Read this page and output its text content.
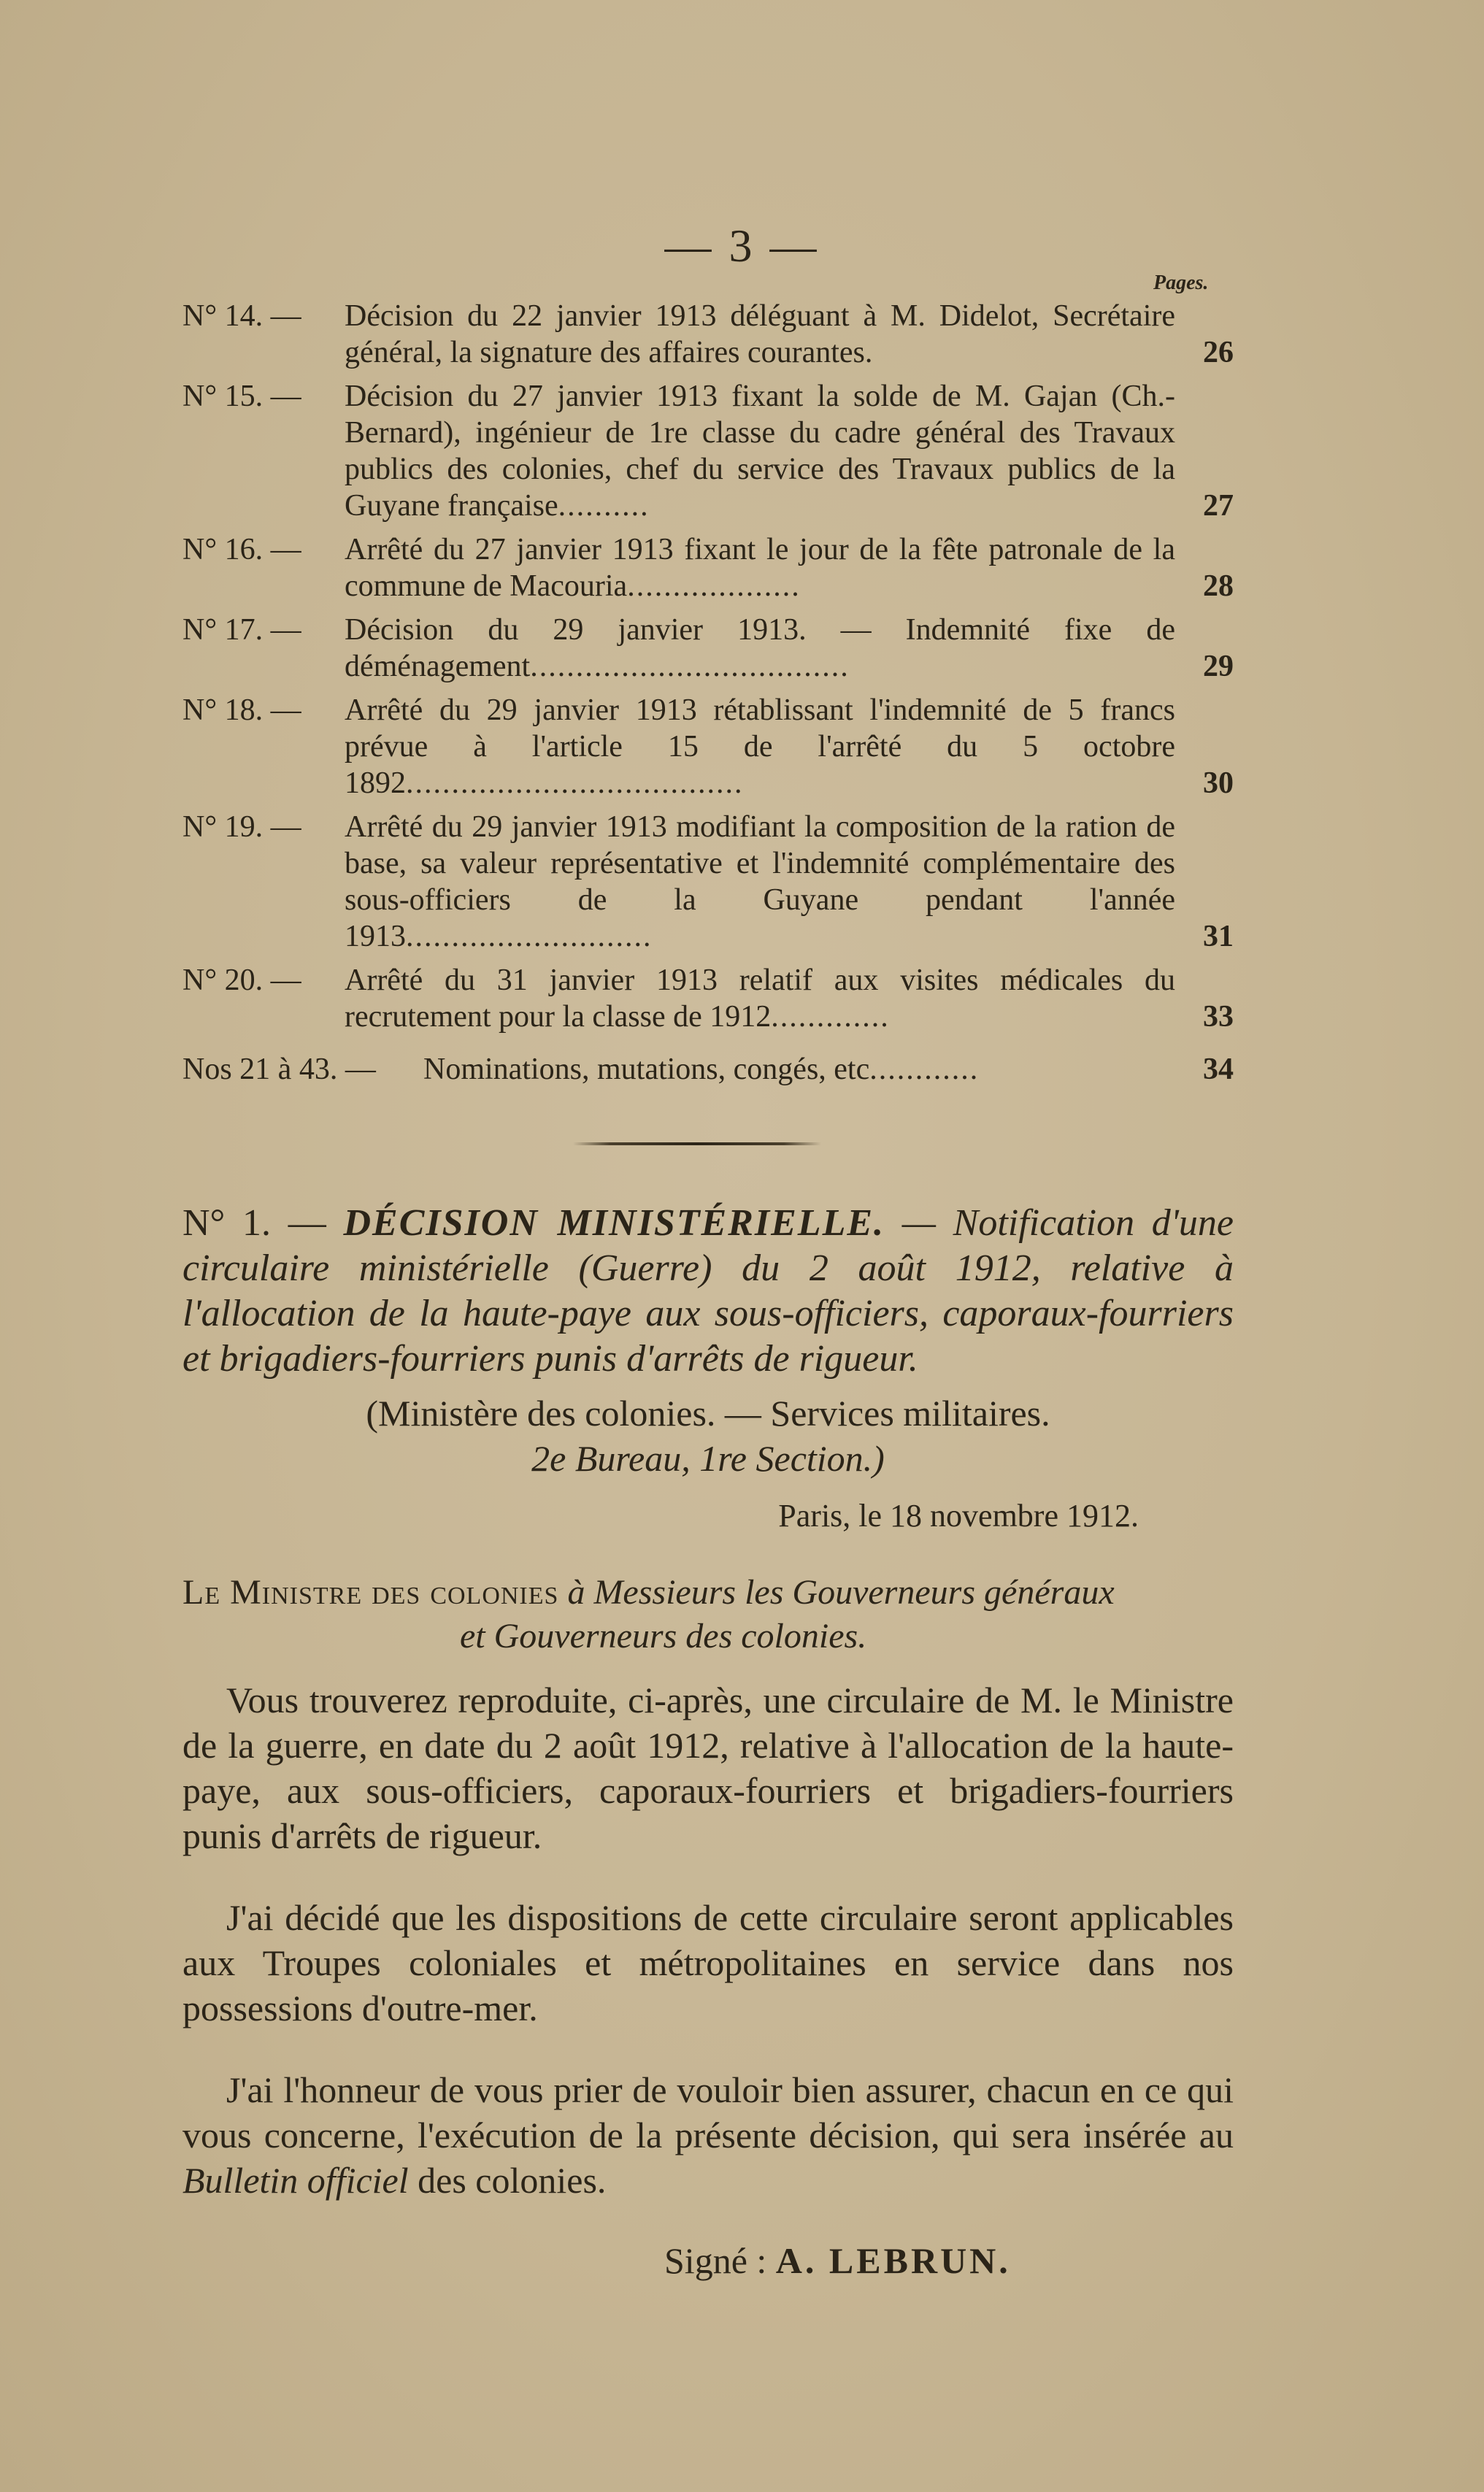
— 3 —
Pages.
N° 14. — Décision du 22 janvier 1913 déléguant à M. Didelot, Secrétaire général, la signature des affaires courantes.	26
N° 15. — Décision du 27 janvier 1913 fixant la solde de M. Gajan (Ch.-Bernard), ingénieur de 1re classe du cadre général des Travaux publics des colonies, chef du service des Travaux publics de la Guyane française..........	27
N° 16. — Arrêté du 27 janvier 1913 fixant le jour de la fête patronale de la commune de Macouria...................	28
N° 17. — Décision du 29 janvier 1913. — Indemnité fixe de déménagement...................................	29
N° 18. — Arrêté du 29 janvier 1913 rétablissant l'indemnité de 5 francs prévue à l'article 15 de l'arrêté du 5 octobre 1892.....................................	30
N° 19. — Arrêté du 29 janvier 1913 modifiant la composition de la ration de base, sa valeur représentative et l'indemnité complémentaire des sous-officiers de la Guyane pendant l'année 1913...........................	31
N° 20. — Arrêté du 31 janvier 1913 relatif aux visites médicales du recrutement pour la classe de 1912.............	33
Nos 21 à 43. — Nominations, mutations, congés, etc............	34
N° 1. — DÉCISION MINISTÉRIELLE. — Notification d'une circulaire ministérielle (Guerre) du 2 août 1912, relative à l'allocation de la haute-paye aux sous-officiers, caporaux-fourriers et brigadiers-fourriers punis d'arrêts de rigueur.
(Ministère des colonies. — Services militaires.
2e Bureau, 1re Section.)
Paris, le 18 novembre 1912.
Le Ministre des colonies à Messieurs les Gouverneurs généraux
et Gouverneurs des colonies.

Vous trouverez reproduite, ci-après, une circulaire de M. le Ministre de la guerre, en date du 2 août 1912, relative à l'allocation de la haute-paye, aux sous-officiers, caporaux-fourriers et brigadiers-fourriers punis d'arrêts de rigueur.

J'ai décidé que les dispositions de cette circulaire seront applicables aux Troupes coloniales et métropolitaines en service dans nos possessions d'outre-mer.

J'ai l'honneur de vous prier de vouloir bien assurer, chacun en ce qui vous concerne, l'exécution de la présente décision, qui sera insérée au Bulletin officiel des colonies.

Signé : A. LEBRUN.
